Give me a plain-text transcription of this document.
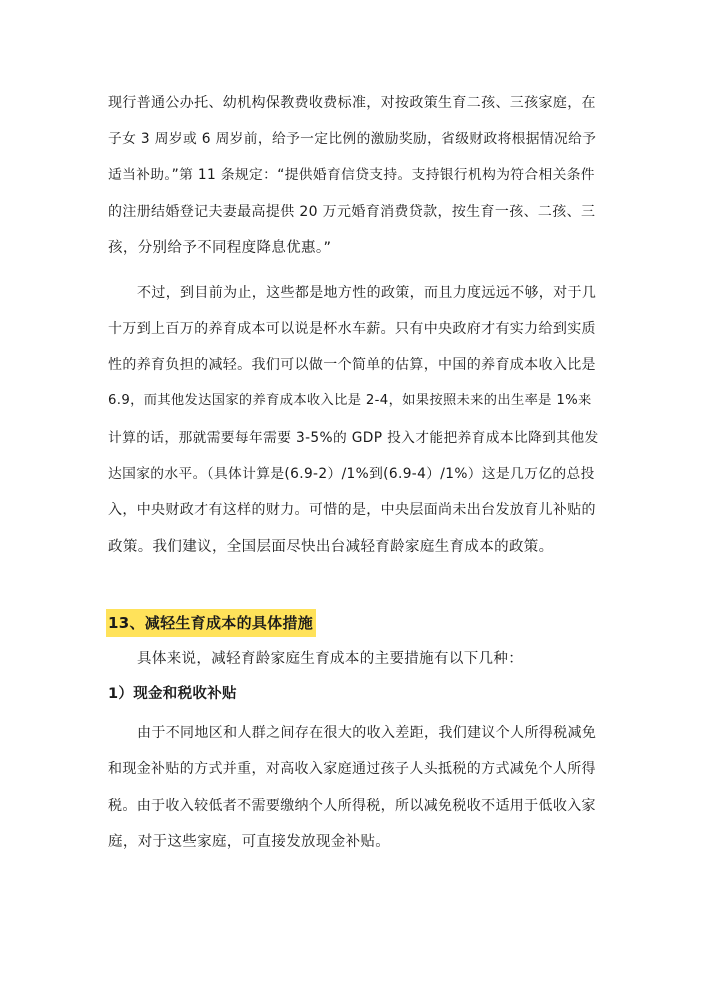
现行普通公办托、幼机构保教费收费标准，对按政策生育二孩、三孩家庭，在
子女 3 周岁或 6 周岁前，给予一定比例的激励奖励，省级财政将根据情况给予
适当补助。”第 11 条规定：“提供婚育信贷支持。支持银行机构为符合相关条件
的注册结婚登记夫妻最高提供 20 万元婚育消费贷款，按生育一孩、二孩、三
孩，分别给予不同程度降息优惠。”
不过，到目前为止，这些都是地方性的政策，而且力度远远不够，对于几
十万到上百万的养育成本可以说是杯水车薪。只有中央政府才有实力给到实质
性的养育负担的减轻。我们可以做一个简单的估算，中国的养育成本收入比是
6.9，而其他发达国家的养育成本收入比是 2-4，如果按照未来的出生率是 1%来
计算的话，那就需要每年需要 3-5%的 GDP 投入才能把养育成本比降到其他发
达国家的水平。（具体计算是(6.9-2）/1%到(6.9-4）/1%）这是几万亿的总投
入，中央财政才有这样的财力。可惜的是，中央层面尚未出台发放育儿补贴的
政策。我们建议，全国层面尽快出台减轻育龄家庭生育成本的政策。
13、减轻生育成本的具体措施
具体来说，减轻育龄家庭生育成本的主要措施有以下几种：
1）现金和税收补贴
由于不同地区和人群之间存在很大的收入差距，我们建议个人所得税减免
和现金补贴的方式并重，对高收入家庭通过孩子人头抵税的方式减免个人所得
税。由于收入较低者不需要缴纳个人所得税，所以减免税收不适用于低收入家
庭，对于这些家庭，可直接发放现金补贴。
